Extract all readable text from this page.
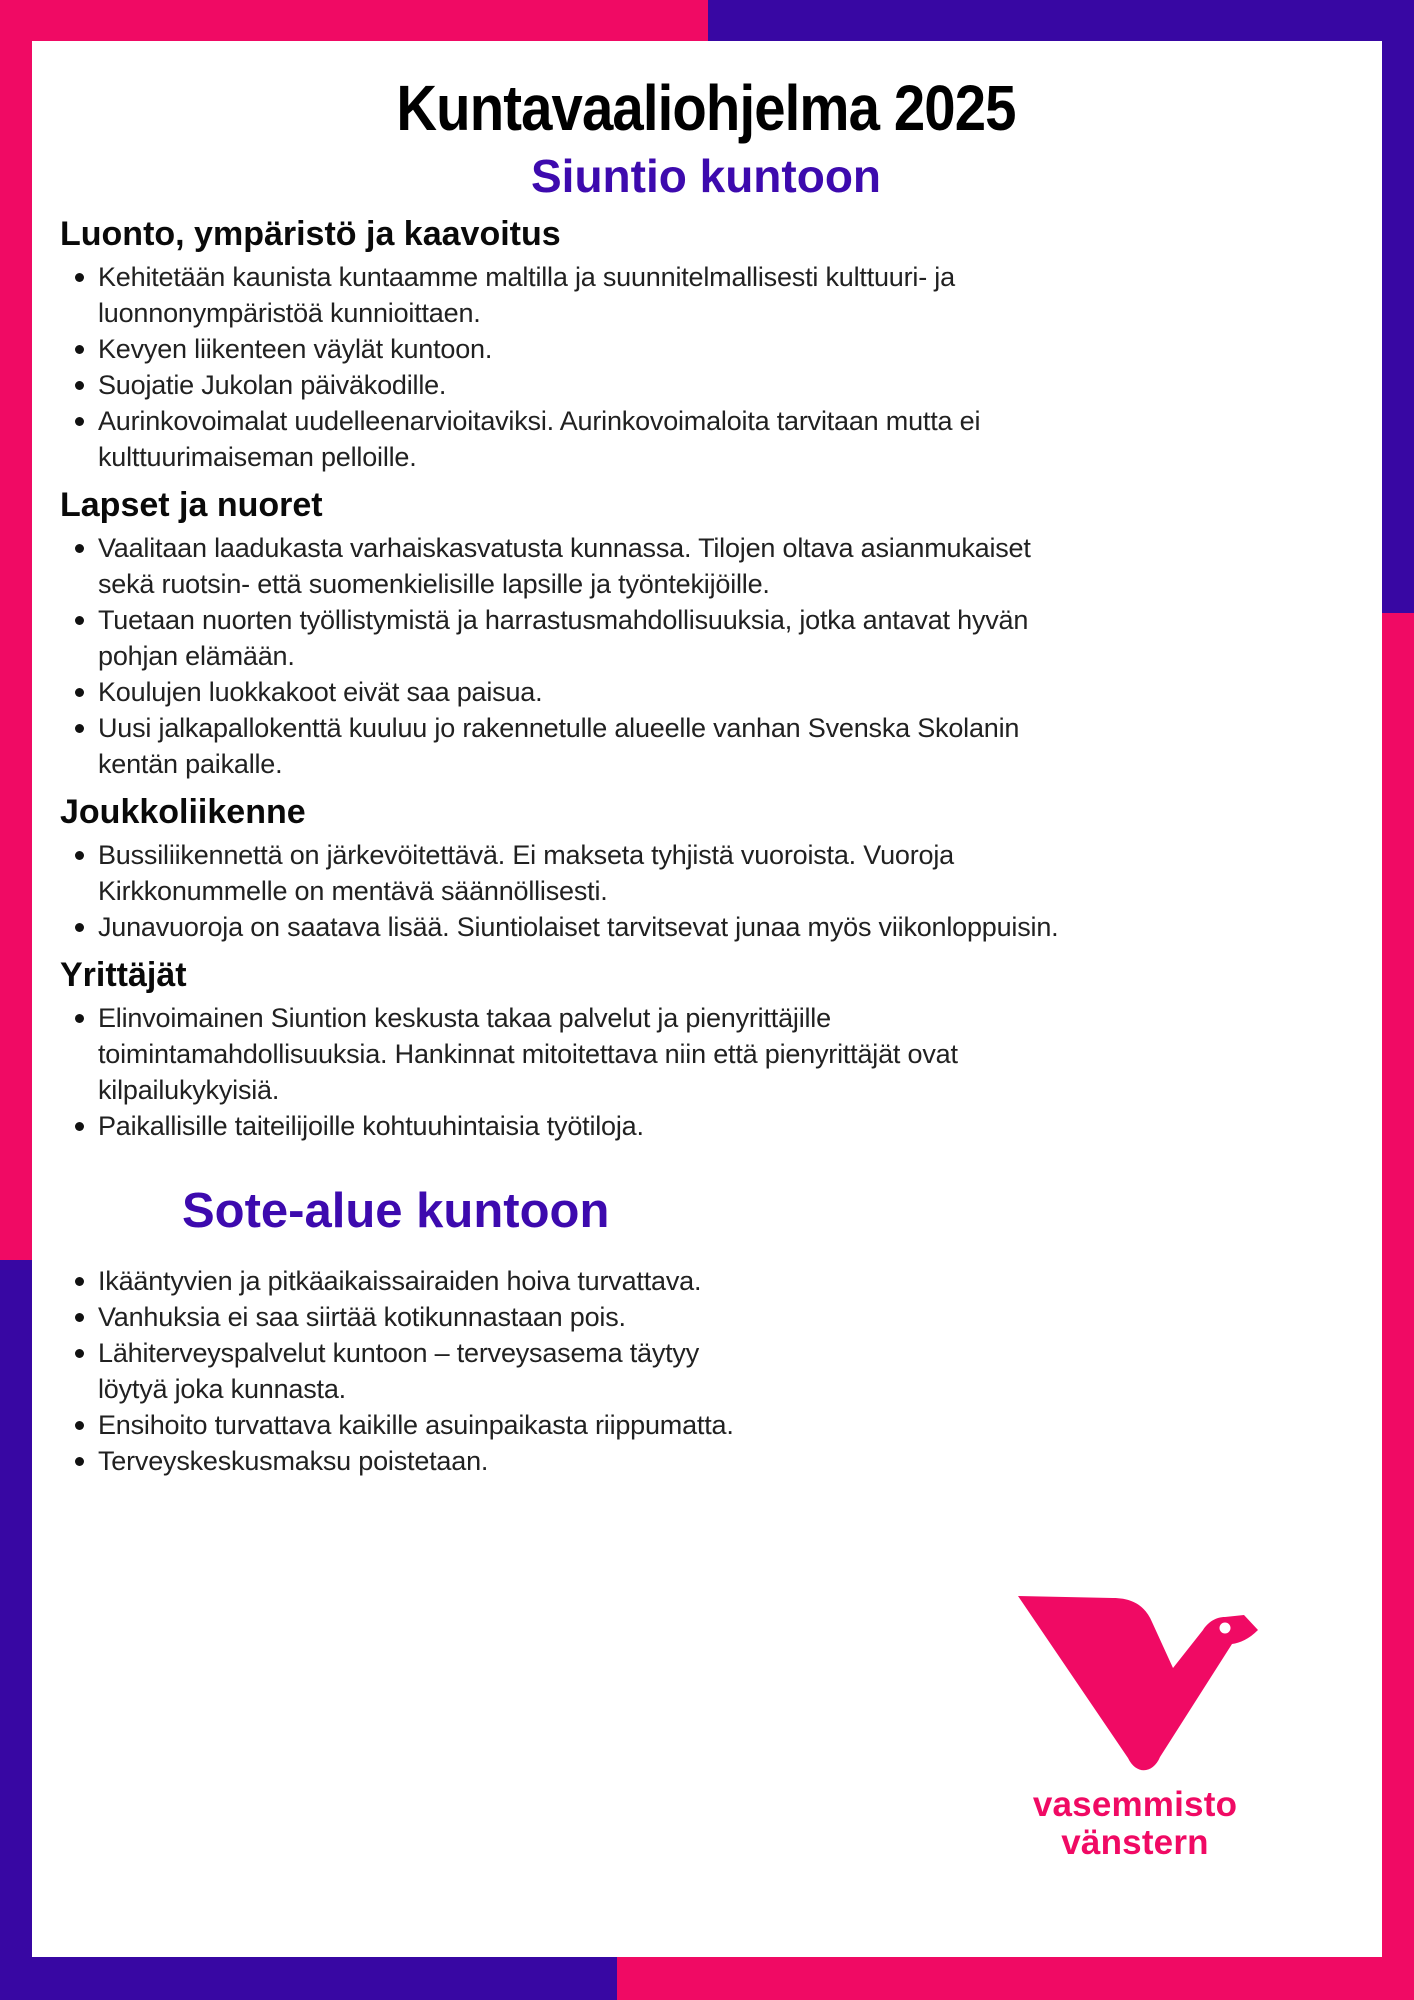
Kuntavaaliohjelma 2025
Siuntio kuntoon
Luonto, ympäristö ja kaavoitus
Kehitetään kaunista kuntaamme maltilla ja suunnitelmallisesti kulttuuri- ja luonnonympäristöä kunnioittaen.
Kevyen liikenteen väylät kuntoon.
Suojatie Jukolan päiväkodille.
Aurinkovoimalat uudelleenarvioitaviksi. Aurinkovoimaloita tarvitaan mutta ei kulttuurimaiseman pelloille.
Lapset ja nuoret
Vaalitaan laadukasta varhaiskasvatusta kunnassa. Tilojen oltava asianmukaiset sekä ruotsin- että suomenkielisille lapsille ja työntekijöille.
Tuetaan nuorten työllistymistä ja harrastusmahdollisuuksia, jotka antavat hyvän pohjan elämään.
Koulujen luokkakoot eivät saa paisua.
Uusi jalkapallokenttä kuuluu jo rakennetulle alueelle vanhan Svenska Skolanin kentän paikalle.
Joukkoliikenne
Bussiliikennettä on järkevöitettävä. Ei makseta tyhjistä vuoroista. Vuoroja Kirkkonummelle on mentävä säännöllisesti.
Junavuoroja on saatava lisää. Siuntiolaiset tarvitsevat junaa myös viikonloppuisin.
Yrittäjät
Elinvoimainen Siuntion keskusta takaa palvelut ja pienyrittäjille toimintamahdollisuuksia. Hankinnat mitoitettava niin että pienyrittäjät ovat kilpailukykyisiä.
Paikallisille taiteilijoille kohtuuhintaisia työtiloja.
Sote-alue kuntoon
Ikääntyvien ja pitkäaikaissairaiden hoiva turvattava.
Vanhuksia ei saa siirtää kotikunnastaan pois.
Lähiterveyspalvelut kuntoon – terveysasema täytyy löytyä joka kunnasta.
Ensihoito turvattava kaikille asuinpaikasta riippumatta.
Terveyskeskusmaksu poistetaan.
vasemmisto
vänstern
